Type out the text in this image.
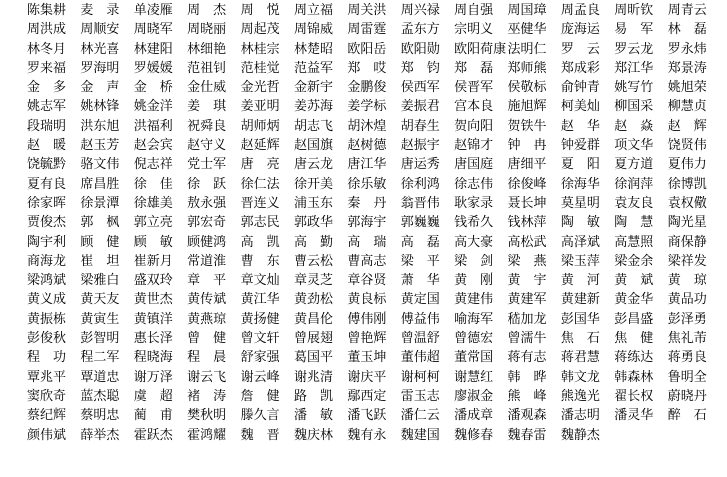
陈集耕	麦　录	单凌雁	周　杰	周　悦	周立福	周关洪	周兴禄	周自强	周国璋	周孟良	周昕钦	周青云
周洪成	周顺安	周晓军	周晓丽	周起茂	周锦威	周雷霆	孟东方	宗明义	巫健华	庞海运	易　军	林　磊
林冬月	林光喜	林建阳	林细艳	林桂宗	林楚昭	欧阳岳	欧阳勋	欧阳荷康 法明仁	罗　云	罗云龙	罗永炜
罗来福	罗海明	罗媛媛	范祖钊	范桂觉	范益军	郑　哎	郑　钧	郑　磊	郑师熊	郑成彩	郑江华	郑景涛
金　多	金　声	金　桥	金仕威	金光哲	金新宇	金鹏俊	侯西军	侯晋军	侯敬标	俞钟青	姚写竹	姚旭荣
姚志军	姚林锋	姚金洋	姜　琪	姜亚明	姜苏海	姜学标	姜振君	宫本良	施旭辉	柯美灿	柳国采	柳慧贞
段瑞明	洪东旭	洪福利	祝舜良	胡师炳	胡志飞	胡沐煌	胡春生	贺向阳	贺铁牛	赵　华	赵　焱	赵　辉
赵　暖	赵玉芳	赵会宾	赵守义	赵延辉	赵国旗	赵树德	赵振宇	赵锦才	钟　冉	钟爱群	项文华	饶贤伟
饶毓黔	骆文伟	倪志祥	党士军	唐　亮	唐云龙	唐江华	唐运秀	唐国庭	唐细平	夏　阳	夏方道	夏伟力
夏有良	席昌胜	徐　佳	徐　跃	徐仁法	徐开美	徐乐敏	徐利鸿	徐志伟	徐俊峰	徐海华	徐润萍	徐博凯
徐家晖	徐景潭	徐雄美	敖永强	晋连义	浦玉东	秦　丹	翁晋伟	耿家录	聂长坤	莫星明	袁友良	袁权儆
贾俊杰	郭　枫	郭立亮	郭宏奇	郭志民	郭政华	郭海宇	郭巍巍	钱希久	钱林萍	陶　敏	陶　慧	陶光星
陶宇利	顾　健	顾　敏	顾健鸿	高　凯	高　勤	高　瑞	高　磊	高大豪	高松武	高泽斌	高慧照	商保静
商海龙	崔　坦	崔新月	常道淮	曹　东	曹云松	曹高志	梁　平	梁　剑	梁　燕	梁玉萍	梁金余	梁祥发
梁鸿斌	梁雅白	盛双玲	章　平	章文灿	章灵芝	章谷贤	萧　华	黄　刚	黄　宇	黄　河	黄　斌	黄　琼
黄义成	黄天友	黄世杰	黄传斌	黄江华	黄劲松	黄良标	黄定国	黄建伟	黄建军	黄建新	黄金华	黄品功
黄振栋	黄寅生	黄镇洋	黄燕琼	黄扬健	黄昌伦	傅伟刚	傅益伟	喻海军	嵇加龙	彭国华	彭昌盛	彭泽勇
彭俊秋	彭智明	惠长泽	曾　健	曾文轩	曾展翅	曾艳辉	曾温舒	曾德宏	曾濡牛	焦　石	焦　健	焦礼芾
程　功	程二军	程晓海	程　晨	舒家强	葛国平	董玉坤	董伟超	董常国	蒋有志	蒋君慧	蒋练达	蒋勇良
覃兆平	覃道忠	谢万泽	谢云飞	谢云峰	谢兆清	谢庆平	谢柯柯	谢慧红	韩　晔	韩文龙	韩森林	鲁明全
窦欣奇	蓝杰聪	虞　超	褚　涛	詹　健	路　凯	鄢西定	雷玉志	廖淑金	熊　峰	熊逸光	翟长权	蔚晓丹
蔡纪辉	蔡明忠	蔺　甫	樊秋明	滕久言	潘　敏	潘飞跃	潘仁云	潘成章	潘观森	潘志明	潘灵华	醉　石
颜伟斌	薛举杰	霍跃杰	霍鸿耀	魏　晋	魏庆林	魏有永	魏建国	魏修春	魏春雷	魏静杰
